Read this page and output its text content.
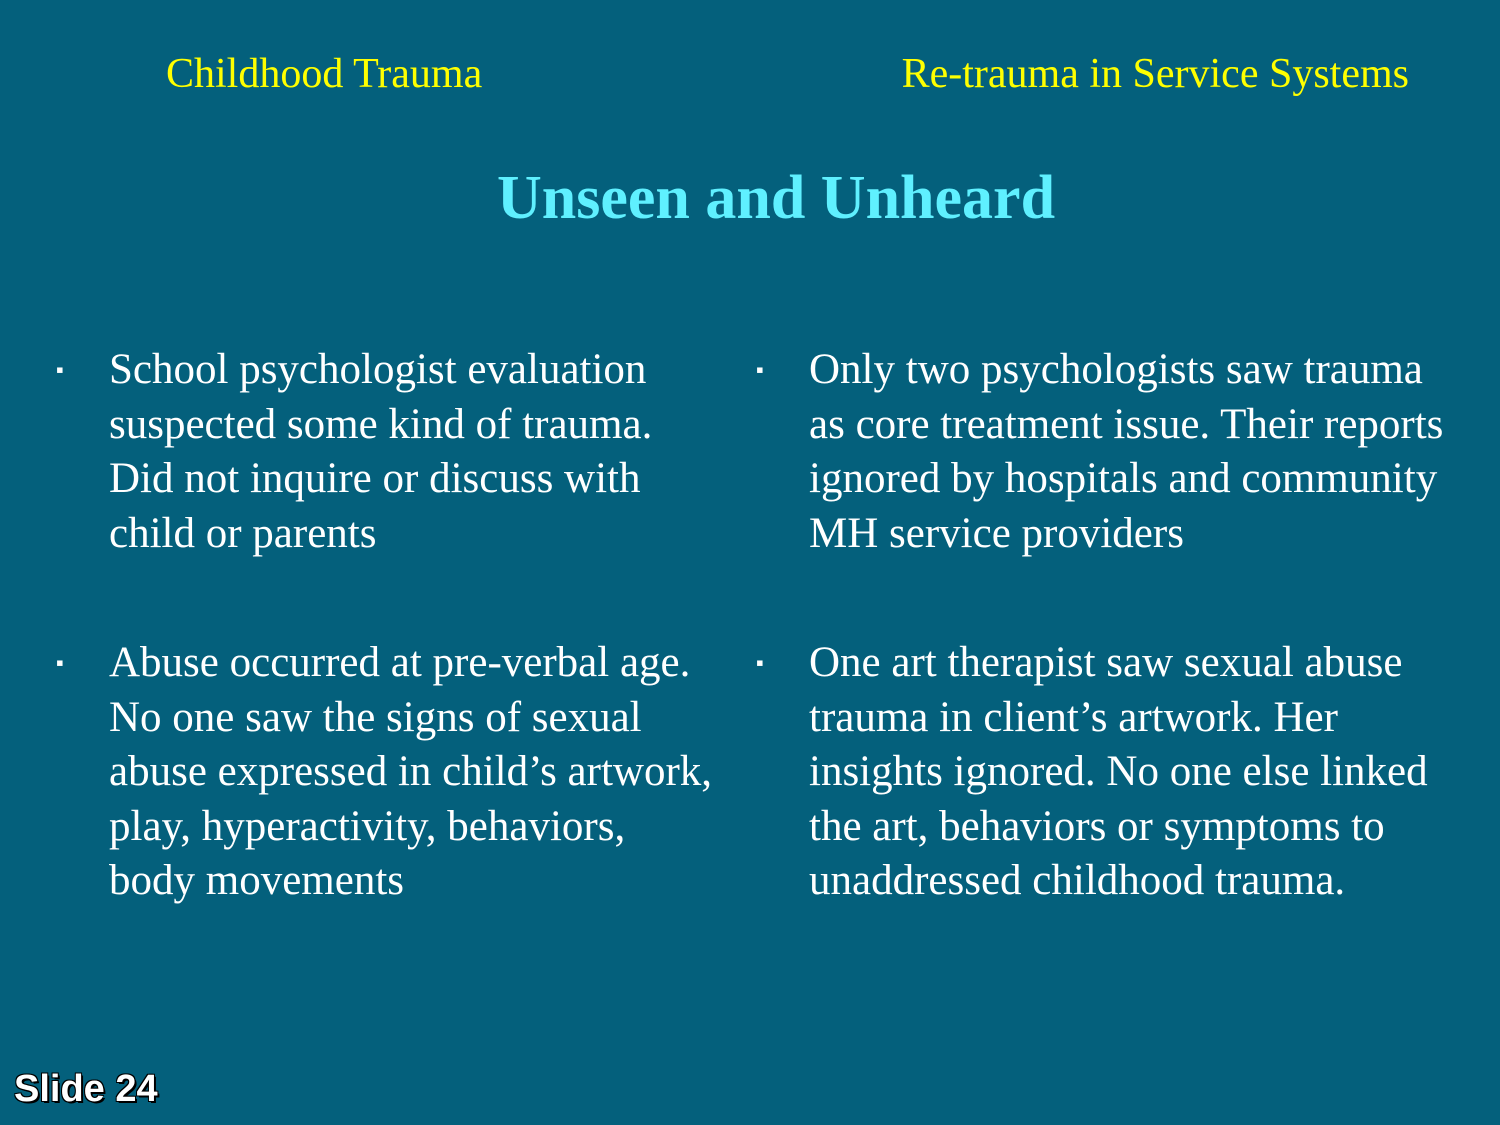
Childhood Trauma	Re-trauma in Service Systems
Unseen and Unheard
▪ School psychologist evaluation suspected some kind of trauma. Did not inquire or discuss with child or parents
▪ Abuse occurred at pre-verbal age. No one saw the signs of sexual abuse expressed in child’s artwork, play, hyperactivity, behaviors, body movements
▪ Only two psychologists saw trauma as core treatment issue. Their reports ignored by hospitals and community MH service providers
▪ One art therapist saw sexual abuse trauma in client’s artwork. Her insights ignored. No one else linked the art, behaviors or symptoms to unaddressed childhood trauma.
Slide 24
